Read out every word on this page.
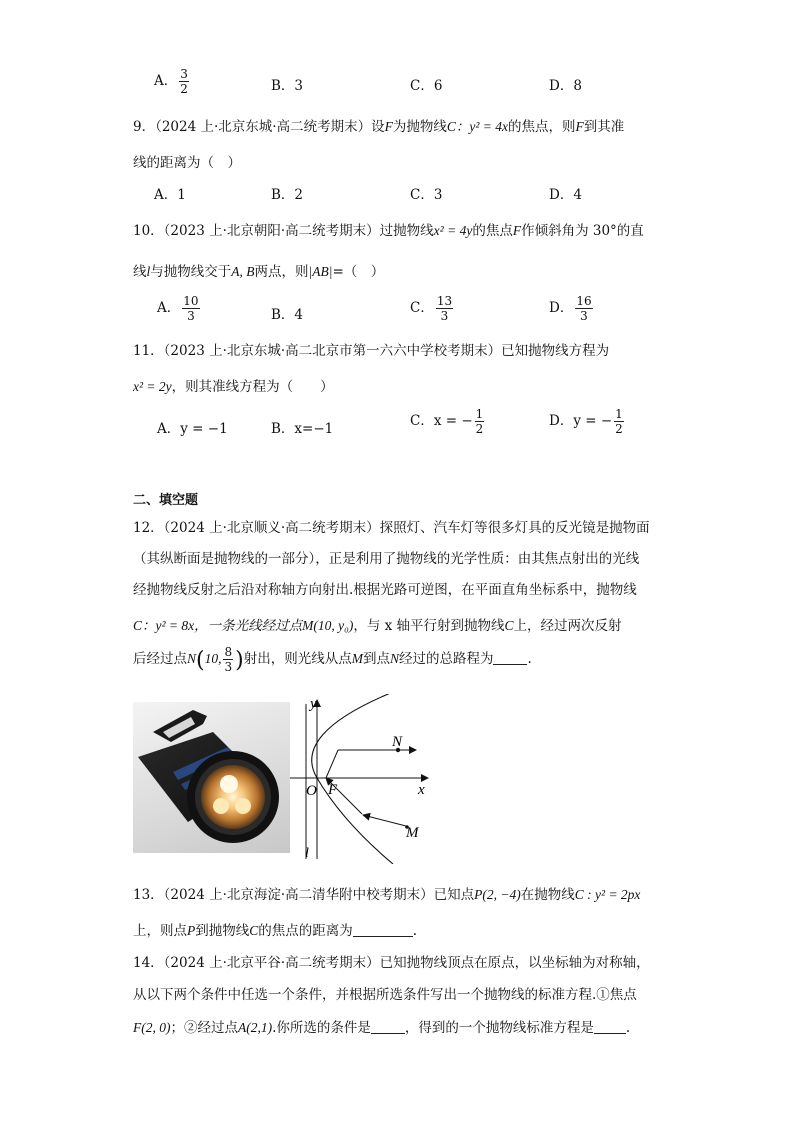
A． $\frac{3}{2}$	B．3	C．6	D．8
9．（2024 上·北京东城·高二统考期末）设F为抛物线C：y² = 4x的焦点，则F到其准
线的距离为（　）
A．1	B．2	C．3	D．4
10．（2023 上·北京朝阳·高二统考期末）过抛物线x² = 4y的焦点F作倾斜角为 30°的直
线l与抛物线交于A, B两点，则|AB|=（　）
A． $\frac{10}{3}$	B．4	C． $\frac{13}{3}$	D． $\frac{16}{3}$
11．（2023 上·北京东城·高二北京市第一六六中学校考期末）已知抛物线方程为
x² = 2y，则其准线方程为（　　）
A．y = −1	B．x=−1	C．x = − $\frac{1}{2}$	D．y = − $\frac{1}{2}$
二、填空题
12．（2024 上·北京顺义·高二统考期末）探照灯、汽车灯等很多灯具的反光镜是抛物面
（其纵断面是抛物线的一部分），正是利用了抛物线的光学性质：由其焦点射出的光线
经抛物线反射之后沿对称轴方向射出.根据光路可逆图，在平面直角坐标系中，抛物线
C：y² = 8x，一条光线经过点M(10, y₀)，与 x 轴平行射到抛物线C上，经过两次反射
后经过点N(10, $\frac{8}{3}$ )射出，则光线从点M到点N经过的总路程为	.
y
x
O F
N
M
l
13．（2024 上·北京海淀·高二清华附中校考期末）已知点P(2, −4)在抛物线C : y² = 2px
上，则点P到抛物线C的焦点的距离为	.
14．（2024 上·北京平谷·高二统考期末）已知抛物线顶点在原点，以坐标轴为对称轴，
从以下两个条件中任选一个条件，并根据所选条件写出一个抛物线的标准方程.①焦点
F(2, 0)；②经过点A(2,1).你所选的条件是	，得到的一个抛物线标准方程是 .
